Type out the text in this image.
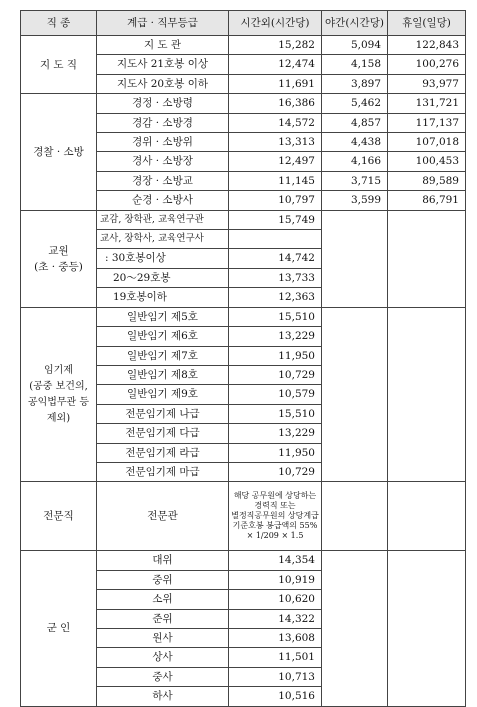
직 종	계급 · 직무등급	시간외(시간당)	야간(시간당)	휴일(일당)
지 도 직	지 도 관	15,282	5,094	122,843
	지도사 21호봉 이상	12,474	4,158	100,276
	지도사 20호봉 이하	11,691	3,897	93,977
경찰 · 소방	경정 · 소방령	16,386	5,462	131,721
	경감 · 소방경	14,572	4,857	117,137
	경위 · 소방위	13,313	4,438	107,018
	경사 · 소방장	12,497	4,166	100,453
	경장 · 소방교	11,145	3,715	89,589
	순경 · 소방사	10,797	3,599	86,791
교원
(초 · 중등)	교감, 장학관, 교육연구관	15,749		
	교사, 장학사, 교육연구사			
	: 30호봉이상	14,742		
	20～29호봉	13,733		
	19호봉이하	12,363		
임기제
(공중 보건의,
공익법무관 등
제외)	일반임기 제5호	15,510		
	일반임기 제6호	13,229		
	일반임기 제7호	11,950		
	일반임기 제8호	10,729		
	일반임기 제9호	10,579		
	전문임기제 나급	15,510		
	전문임기제 다급	13,229		
	전문임기제 라급	11,950		
	전문임기제 마급	10,729		
전문직	전문관	해당 공무원에 상당하는
경력직 또는
별정직공무원의 상당계급
기준호봉 봉급액의 55%
× 1/209 × 1.5		
군 인	대위	14,354		
	중위	10,919		
	소위	10,620		
	준위	14,322		
	원사	13,608		
	상사	11,501		
	중사	10,713		
	하사	10,516		
